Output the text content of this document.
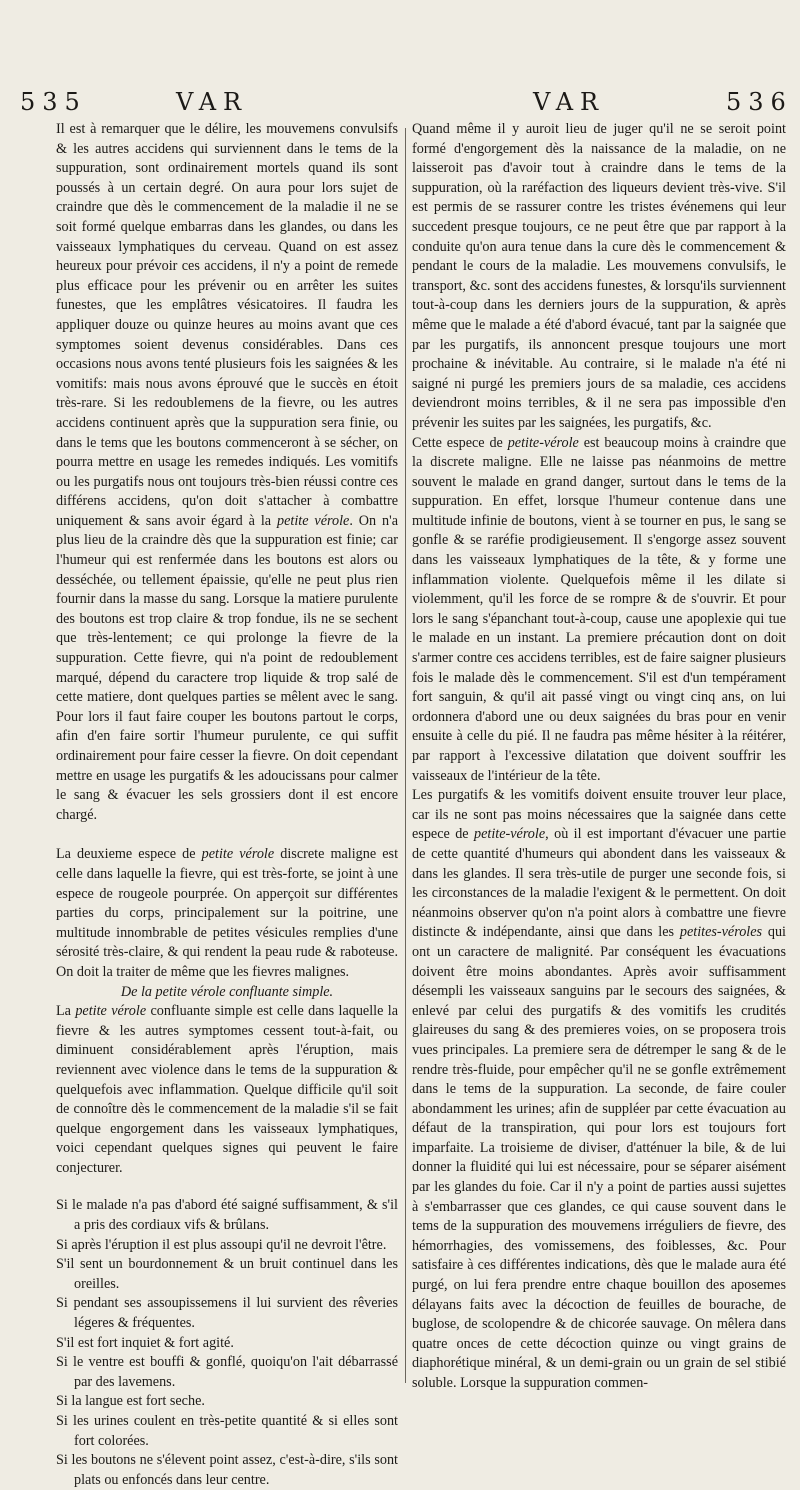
535	VAR	VAR	536

Il est à remarquer que le délire, les mouvemens convulsifs & les autres accidens qui surviennent dans le tems de la suppuration, sont ordinairement mortels quand ils sont poussés à un certain degré. On aura pour lors sujet de craindre que dès le commencement de la maladie il ne se soit formé quelque embarras dans les glandes, ou dans les vaisseaux lymphatiques du cerveau. Quand on est assez heureux pour prévoir ces accidens, il n'y a point de remede plus efficace pour les prévenir ou en arrêter les suites funestes, que les emplâtres vésicatoires. Il faudra les appliquer douze ou quinze heures au moins avant que ces symptomes soient devenus considérables. Dans ces occasions nous avons tenté plusieurs fois les saignées & les vomitifs: mais nous avons éprouvé que le succès en étoit très-rare. Si les redoublemens de la fievre, ou les autres accidens continuent après que la suppuration sera finie, ou dans le tems que les boutons commenceront à se sécher, on pourra mettre en usage les remedes indiqués. Les vomitifs ou les purgatifs nous ont toujours très-bien réussi contre ces différens accidens, qu'on doit s'attacher à combattre uniquement & sans avoir égard à la petite vérole. On n'a plus lieu de la craindre dès que la suppuration est finie; car l'humeur qui est renfermée dans les boutons est alors ou desséchée, ou tellement épaissie, qu'elle ne peut plus rien fournir dans la masse du sang. Lorsque la matiere purulente des boutons est trop claire & trop fondue, ils ne se sechent que très-lentement; ce qui prolonge la fievre de la suppuration. Cette fievre, qui n'a point de redoublement marqué, dépend du caractere trop liquide & trop salé de cette matiere, dont quelques parties se mêlent avec le sang. Pour lors il faut faire couper les boutons partout le corps, afin d'en faire sortir l'humeur purulente, ce qui suffit ordinairement pour faire cesser la fievre. On doit cependant mettre en usage les purgatifs & les adoucissans pour calmer le sang & évacuer les sels grossiers dont il est encore chargé.

La deuxieme espece de petite vérole discrete maligne est celle dans laquelle la fievre, qui est très-forte, se joint à une espece de rougeole pourprée. On apperçoit sur différentes parties du corps, principalement sur la poitrine, une multitude innombrable de petites vésicules remplies d'une sérosité très-claire, & qui rendent la peau rude & raboteuse. On doit la traiter de même que les fievres malignes.

De la petite vérole confluante simple.

La petite vérole confluante simple est celle dans laquelle la fievre & les autres symptomes cessent tout-à-fait, ou diminuent considérablement après l'éruption, mais reviennent avec violence dans le tems de la suppuration & quelquefois avec inflammation. Quelque difficile qu'il soit de connoître dès le commencement de la maladie s'il se fait quelque engorgement dans les vaisseaux lymphatiques, voici cependant quelques signes qui peuvent le faire conjecturer.

Si le malade n'a pas d'abord été saigné suffisamment, & s'il a pris des cordiaux vifs & brûlans.

Si après l'éruption il est plus assoupi qu'il ne devroit l'être.

S'il sent un bourdonnement & un bruit continuel dans les oreilles.

Si pendant ses assoupissemens il lui survient des rêveries légeres & fréquentes.

S'il est fort inquiet & fort agité.

Si le ventre est bouffi & gonflé, quoiqu'on l'ait débarrassé par des lavemens.

Si la langue est fort seche.

Si les urines coulent en très-petite quantité & si elles sont fort colorées.

Si les boutons ne s'élevent point assez, c'est-à-dire, s'ils sont plats ou enfoncés dans leur centre.

Quand même il y auroit lieu de juger qu'il ne se seroit point formé d'engorgement dès la naissance de la maladie, on ne laisseroit pas d'avoir tout à craindre dans le tems de la suppuration, où la raréfaction des liqueurs devient très-vive. S'il est permis de se rassurer contre les tristes événemens qui leur succedent presque toujours, ce ne peut être que par rapport à la conduite qu'on aura tenue dans la cure dès le commencement & pendant le cours de la maladie. Les mouvemens convulsifs, le transport, &c. sont des accidens funestes, & lorsqu'ils surviennent tout-à-coup dans les derniers jours de la suppuration, & après même que le malade a été d'abord évacué, tant par la saignée que par les purgatifs, ils annoncent presque toujours une mort prochaine & inévitable. Au contraire, si le malade n'a été ni saigné ni purgé les premiers jours de sa maladie, ces accidens deviendront moins terribles, & il ne sera pas impossible d'en prévenir les suites par les saignées, les purgatifs, &c.

Cette espece de petite-vérole est beaucoup moins à craindre que la discrete maligne. Elle ne laisse pas néanmoins de mettre souvent le malade en grand danger, surtout dans le tems de la suppuration. En effet, lorsque l'humeur contenue dans une multitude infinie de boutons, vient à se tourner en pus, le sang se gonfle & se raréfie prodigieusement. Il s'engorge assez souvent dans les vaisseaux lymphatiques de la tête, & y forme une inflammation violente. Quelquefois même il les dilate si violemment, qu'il les force de se rompre & de s'ouvrir. Et pour lors le sang s'épanchant tout-à-coup, cause une apoplexie qui tue le malade en un instant. La premiere précaution dont on doit s'armer contre ces accidens terribles, est de faire saigner plusieurs fois le malade dès le commencement. S'il est d'un tempérament fort sanguin, & qu'il ait passé vingt ou vingt cinq ans, on lui ordonnera d'abord une ou deux saignées du bras pour en venir ensuite à celle du pié. Il ne faudra pas même hésiter à la réitérer, par rapport à l'excessive dilatation que doivent souffrir les vaisseaux de l'intérieur de la tête.

Les purgatifs & les vomitifs doivent ensuite trouver leur place, car ils ne sont pas moins nécessaires que la saignée dans cette espece de petite-vérole, où il est important d'évacuer une partie de cette quantité d'humeurs qui abondent dans les vaisseaux & dans les glandes. Il sera très-utile de purger une seconde fois, si les circonstances de la maladie l'exigent & le permettent. On doit néanmoins observer qu'on n'a point alors à combattre une fievre distincte & indépendante, ainsi que dans les petites-véroles qui ont un caractere de malignité. Par conséquent les évacuations doivent être moins abondantes. Après avoir suffisamment désempli les vaisseaux sanguins par le secours des saignées, & enlevé par celui des purgatifs & des vomitifs les crudités glaireuses du sang & des premieres voies, on se proposera trois vues principales. La premiere sera de détremper le sang & de le rendre très-fluide, pour empêcher qu'il ne se gonfle extrêmement dans le tems de la suppuration. La seconde, de faire couler abondamment les urines; afin de suppléer par cette évacuation au défaut de la transpiration, qui pour lors est toujours fort imparfaite. La troisieme de diviser, d'atténuer la bile, & de lui donner la fluidité qui lui est nécessaire, pour se séparer aisément par les glandes du foie. Car il n'y a point de parties aussi sujettes à s'embarrasser que ces glandes, ce qui cause souvent dans le tems de la suppuration des mouvemens irréguliers de fievre, des hémorrhagies, des vomissemens, des foiblesses, &c. Pour satisfaire à ces différentes indications, dès que le malade aura été purgé, on lui fera prendre entre chaque bouillon des aposemes délayans faits avec la décoction de feuilles de bourache, de buglose, de scolopendre & de chicorée sauvage. On mêlera dans quatre onces de cette décoction quinze ou vingt grains de diaphorétique minéral, & un demi-grain ou un grain de sel stibié soluble. Lorsque la suppuration commen-
